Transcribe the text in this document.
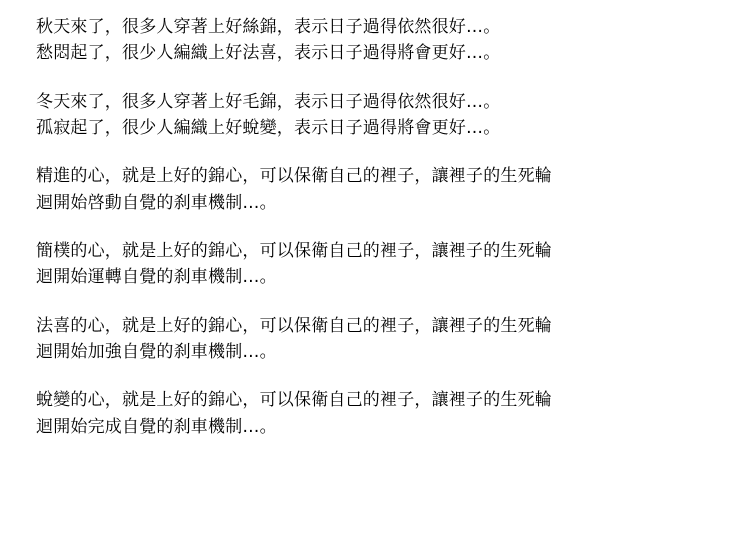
秋天來了，很多人穿著上好絲錦，表示日子過得依然很好…。

愁悶起了，很少人編織上好法喜，表示日子過得將會更好…。

冬天來了，很多人穿著上好毛錦，表示日子過得依然很好…。

孤寂起了，很少人編織上好蛻變，表示日子過得將會更好…。

精進的心，就是上好的錦心，可以保衛自己的裡子，讓裡子的生死輪

迴開始啓動自覺的刹車機制…。

簡樸的心，就是上好的錦心，可以保衛自己的裡子，讓裡子的生死輪

迴開始運轉自覺的刹車機制…。

法喜的心，就是上好的錦心，可以保衛自己的裡子，讓裡子的生死輪

迴開始加強自覺的刹車機制…。

蛻變的心，就是上好的錦心，可以保衛自己的裡子，讓裡子的生死輪

迴開始完成自覺的刹車機制…。
